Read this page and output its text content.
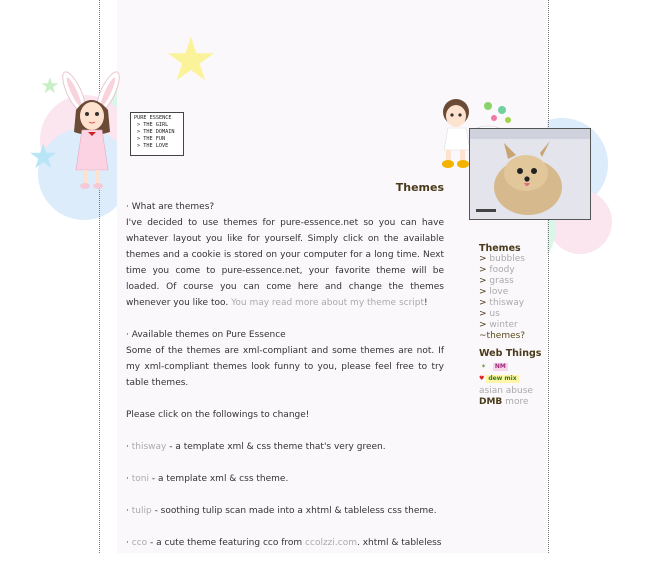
★
★
★
PURE ESSENCE
> THE GIRL
> THE DOMAIN
> THE FUN
> THE LOVE
Themes
· What are themes?

I've decided to use themes for pure-essence.net so you can have whatever layout you like for yourself. Simply click on the available themes and a cookie is stored on your computer for a long time. Next time you come to pure-essence.net, your favorite theme will be loaded. Of course you can come here and change the themes whenever you like too. You may read more about my theme script!

· Available themes on Pure Essence

Some of the themes are xml-compliant and some themes are not. If my xml-compliant themes look funny to you, please feel free to try table themes.

Please click on the followings to change!

· thisway - a template xml & css theme that's very green.

· toni - a template xml & css theme.

· tulip - soothing tulip scan made into a xhtml & tableless css theme.

· cco - a cute theme featuring cco from ccolzzi.com. xhtml & tableless

Themes
> bubbles
> foody
> grass
> love
> thisway
> us
> winter
~themes?
Web Things
✶ NM
♥ dew mix
asian abuse
DMB more
